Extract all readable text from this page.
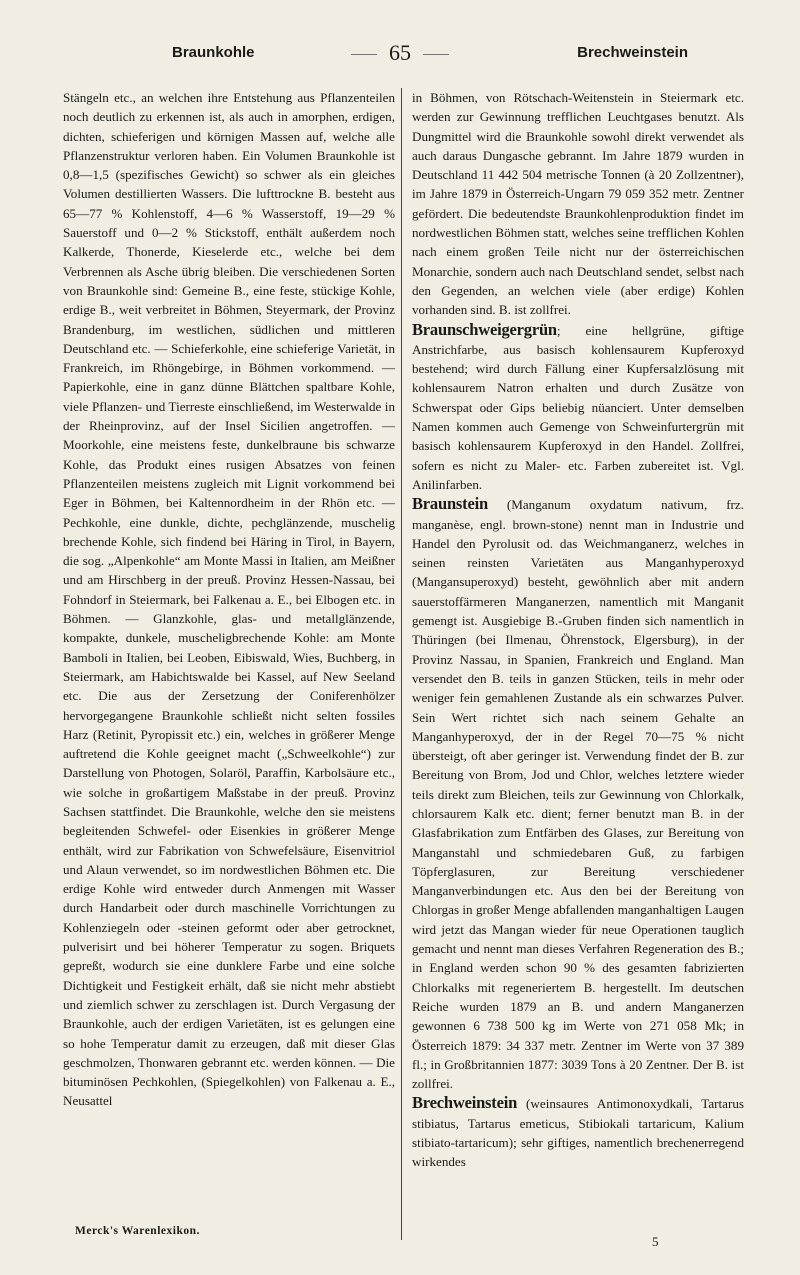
Braunkohle	65	Brechweinstein

Stängeln etc., an welchen ihre Entstehung aus Pflanzenteilen noch deutlich zu erkennen ist, als auch in amorphen, erdigen, dichten, schieferigen und körnigen Massen auf, welche alle Pflanzenstruktur verloren haben. Ein Volumen Braunkohle ist 0,8—1,5 (spezifisches Gewicht) so schwer als ein gleiches Volumen destillierten Wassers. Die lufttrockne B. besteht aus 65—77 % Kohlenstoff, 4—6 % Wasserstoff, 19—29 % Sauerstoff und 0—2 % Stickstoff, enthält außerdem noch Kalkerde, Thonerde, Kieselerde etc., welche bei dem Verbrennen als Asche übrig bleiben. Die verschiedenen Sorten von Braunkohle sind: Gemeine B., eine feste, stückige Kohle, erdige B., weit verbreitet in Böhmen, Steyermark, der Provinz Brandenburg, im westlichen, südlichen und mittleren Deutschland etc. — Schieferkohle, eine schieferige Varietät, in Frankreich, im Rhöngebirge, in Böhmen vorkommend. — Papierkohle, eine in ganz dünne Blättchen spaltbare Kohle, viele Pflanzen- und Tierreste einschließend, im Westerwalde in der Rheinprovinz, auf der Insel Sicilien angetroffen. — Moorkohle, eine meistens feste, dunkelbraune bis schwarze Kohle, das Produkt eines rusigen Absatzes von feinen Pflanzenteilen meistens zugleich mit Lignit vorkommend bei Eger in Böhmen, bei Kaltennordheim in der Rhön etc. — Pechkohle, eine dunkle, dichte, pechglänzende, muschelig brechende Kohle, sich findend bei Häring in Tirol, in Bayern, die sog. „Alpenkohle“ am Monte Massi in Italien, am Meißner und am Hirschberg in der preuß. Provinz Hessen-Nassau, bei Fohndorf in Steiermark, bei Falkenau a. E., bei Elbogen etc. in Böhmen. — Glanzkohle, glas- und metallglänzende, kompakte, dunkele, muscheligbrechende Kohle: am Monte Bamboli in Italien, bei Leoben, Eibiswald, Wies, Buchberg, in Steiermark, am Habichtswalde bei Kassel, auf New Seeland etc. Die aus der Zersetzung der Coniferenhölzer hervorgegangene Braunkohle schließt nicht selten fossiles Harz (Retinit, Pyropissit etc.) ein, welches in größerer Menge auftretend die Kohle geeignet macht („Schweelkohle“) zur Darstellung von Photogen, Solaröl, Paraffin, Karbolsäure etc., wie solche in großartigem Maßstabe in der preuß. Provinz Sachsen stattfindet. Die Braunkohle, welche den sie meistens begleitenden Schwefel- oder Eisenkies in größerer Menge enthält, wird zur Fabrikation von Schwefelsäure, Eisenvitriol und Alaun verwendet, so im nordwestlichen Böhmen etc. Die erdige Kohle wird entweder durch Anmengen mit Wasser durch Handarbeit oder durch maschinelle Vorrichtungen zu Kohlenziegeln oder -steinen geformt oder aber getrocknet, pulverisirt und bei höherer Temperatur zu sogen. Briquets gepreßt, wodurch sie eine dunklere Farbe und eine solche Dichtigkeit und Festigkeit erhält, daß sie nicht mehr abstiebt und ziemlich schwer zu zerschlagen ist. Durch Vergasung der Braunkohle, auch der erdigen Varietäten, ist es gelungen eine so hohe Temperatur damit zu erzeugen, daß mit dieser Glas geschmolzen, Thonwaren gebrannt etc. werden können. — Die bituminösen Pechkohlen, (Spiegelkohlen) von Falkenau a. E., Neusattel

in Böhmen, von Rötschach-Weitenstein in Steiermark etc. werden zur Gewinnung trefflichen Leuchtgases benutzt. Als Dungmittel wird die Braunkohle sowohl direkt verwendet als auch daraus Dungasche gebrannt. Im Jahre 1879 wurden in Deutschland 11 442 504 metrische Tonnen (à 20 Zollzentner), im Jahre 1879 in Österreich-Ungarn 79 059 352 metr. Zentner gefördert. Die bedeutendste Braunkohlenproduktion findet im nordwestlichen Böhmen statt, welches seine trefflichen Kohlen nach einem großen Teile nicht nur der österreichischen Monarchie, sondern auch nach Deutschland sendet, selbst nach den Gegenden, an welchen viele (aber erdige) Kohlen vorhanden sind. B. ist zollfrei.

Braunschweigergrün; eine hellgrüne, giftige Anstrichfarbe, aus basisch kohlensaurem Kupferoxyd bestehend; wird durch Fällung einer Kupfersalzlösung mit kohlensaurem Natron erhalten und durch Zusätze von Schwerspat oder Gips beliebig nüanciert. Unter demselben Namen kommen auch Gemenge von Schweinfurtergrün mit basisch kohlensaurem Kupferoxyd in den Handel. Zollfrei, sofern es nicht zu Maler- etc. Farben zubereitet ist. Vgl. Anilinfarben.

Braunstein (Manganum oxydatum nativum, frz. manganèse, engl. brown-stone) nennt man in Industrie und Handel den Pyrolusit od. das Weichmanganerz, welches in seinen reinsten Varietäten aus Manganhyperoxyd (Mangansuperoxyd) besteht, gewöhnlich aber mit andern sauerstoffärmeren Manganerzen, namentlich mit Manganit gemengt ist. Ausgiebige B.-Gruben finden sich namentlich in Thüringen (bei Ilmenau, Öhrenstock, Elgersburg), in der Provinz Nassau, in Spanien, Frankreich und England. Man versendet den B. teils in ganzen Stücken, teils in mehr oder weniger fein gemahlenen Zustande als ein schwarzes Pulver. Sein Wert richtet sich nach seinem Gehalte an Manganhyperoxyd, der in der Regel 70—75 % nicht übersteigt, oft aber geringer ist. Verwendung findet der B. zur Bereitung von Brom, Jod und Chlor, welches letztere wieder teils direkt zum Bleichen, teils zur Gewinnung von Chlorkalk, chlorsaurem Kalk etc. dient; ferner benutzt man B. in der Glasfabrikation zum Entfärben des Glases, zur Bereitung von Manganstahl und schmiedebaren Guß, zu farbigen Töpferglasuren, zur Bereitung verschiedener Manganverbindungen etc. Aus den bei der Bereitung von Chlorgas in großer Menge abfallenden manganhaltigen Laugen wird jetzt das Mangan wieder für neue Operationen tauglich gemacht und nennt man dieses Verfahren Regeneration des B.; in England werden schon 90 % des gesamten fabrizierten Chlorkalks mit regeneriertem B. hergestellt. Im deutschen Reiche wurden 1879 an B. und andern Manganerzen gewonnen 6 738 500 kg im Werte von 271 058 Mk; in Österreich 1879: 34 337 metr. Zentner im Werte von 37 389 fl.; in Großbritannien 1877: 3039 Tons à 20 Zentner. Der B. ist zollfrei.

Brechweinstein (weinsaures Antimonoxydkali, Tartarus stibiatus, Tartarus emeticus, Stibiokali tartaricum, Kalium stibiato-tartaricum); sehr giftiges, namentlich brechenerregend wirkendes

Merck's Warenlexikon.
5
